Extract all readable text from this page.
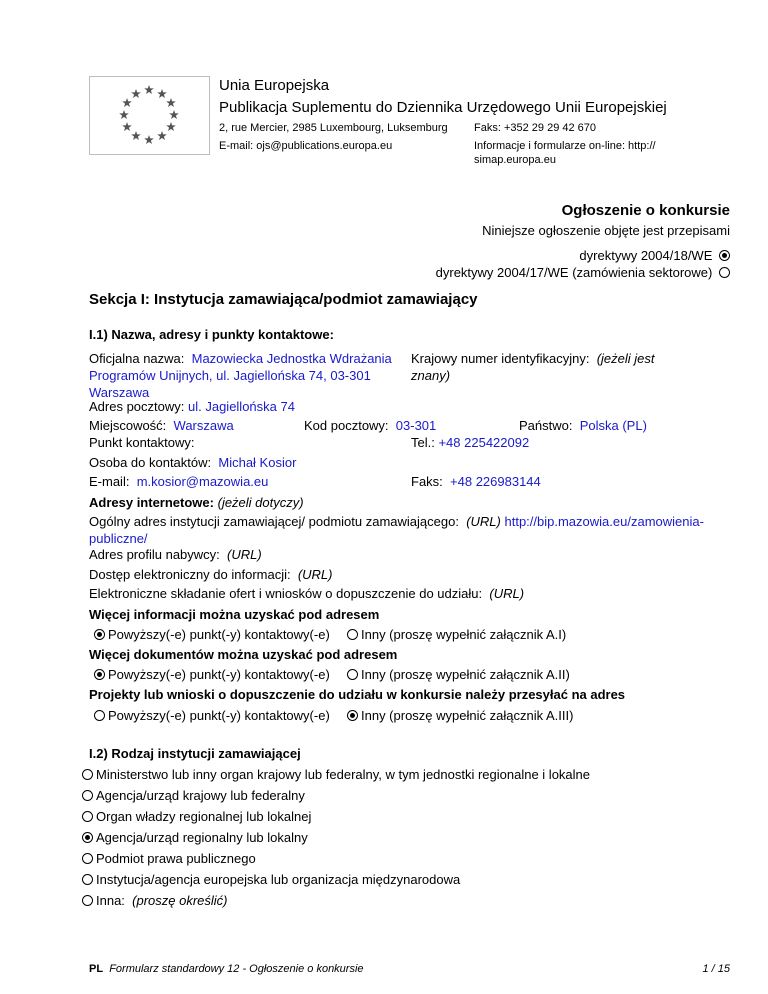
Unia Europejska
Publikacja Suplementu do Dziennika Urzędowego Unii Europejskiej
2, rue Mercier, 2985 Luxembourg, Luksemburg Faks: +352 29 29 42 670
E-mail: ojs@publications.europa.eu	Informacje i formularze on-line: http://
simap.europa.eu
Ogłoszenie o konkursie
Niniejsze ogłoszenie objęte jest przepisami
dyrektywy 2004/18/WE
dyrektywy 2004/17/WE (zamówienia sektorowe)
Sekcja I: Instytucja zamawiająca/podmiot zamawiający
I.1) Nazwa, adresy i punkty kontaktowe:
Oficjalna nazwa: Mazowiecka Jednostka Wdrażania
Programów Unijnych, ul. Jagiellońska 74, 03-301
Warszawa
Krajowy numer identyfikacyjny: (jeżeli jest
znany)
Adres pocztowy: ul. Jagiellońska 74
Miejscowość: Warszawa	Kod pocztowy: 03-301	Państwo: Polska (PL)
Punkt kontaktowy:	Tel.: +48 225422092
Osoba do kontaktów: Michał Kosior
E-mail: m.kosior@mazowia.eu	Faks: +48 226983144
Adresy internetowe: (jeżeli dotyczy)
Ogólny adres instytucji zamawiającej/ podmiotu zamawiającego: (URL) http://bip.mazowia.eu/zamowienia-
publiczne/
Adres profilu nabywcy: (URL)
Dostęp elektroniczny do informacji: (URL)
Elektroniczne składanie ofert i wniosków o dopuszczenie do udziału: (URL)
Więcej informacji można uzyskać pod adresem
Powyższy(-e) punkt(-y) kontaktowy(-e)	Inny (proszę wypełnić załącznik A.I)
Więcej dokumentów można uzyskać pod adresem
Powyższy(-e) punkt(-y) kontaktowy(-e)	Inny (proszę wypełnić załącznik A.II)
Projekty lub wnioski o dopuszczenie do udziału w konkursie należy przesyłać na adres
Powyższy(-e) punkt(-y) kontaktowy(-e)	Inny (proszę wypełnić załącznik A.III)
I.2) Rodzaj instytucji zamawiającej
Ministerstwo lub inny organ krajowy lub federalny, w tym jednostki regionalne i lokalne
Agencja/urząd krajowy lub federalny
Organ władzy regionalnej lub lokalnej
Agencja/urząd regionalny lub lokalny
Podmiot prawa publicznego
Instytucja/agencja europejska lub organizacja międzynarodowa
Inna: (proszę określić)
PL Formularz standardowy 12 - Ogłoszenie o konkursie	1 / 15
